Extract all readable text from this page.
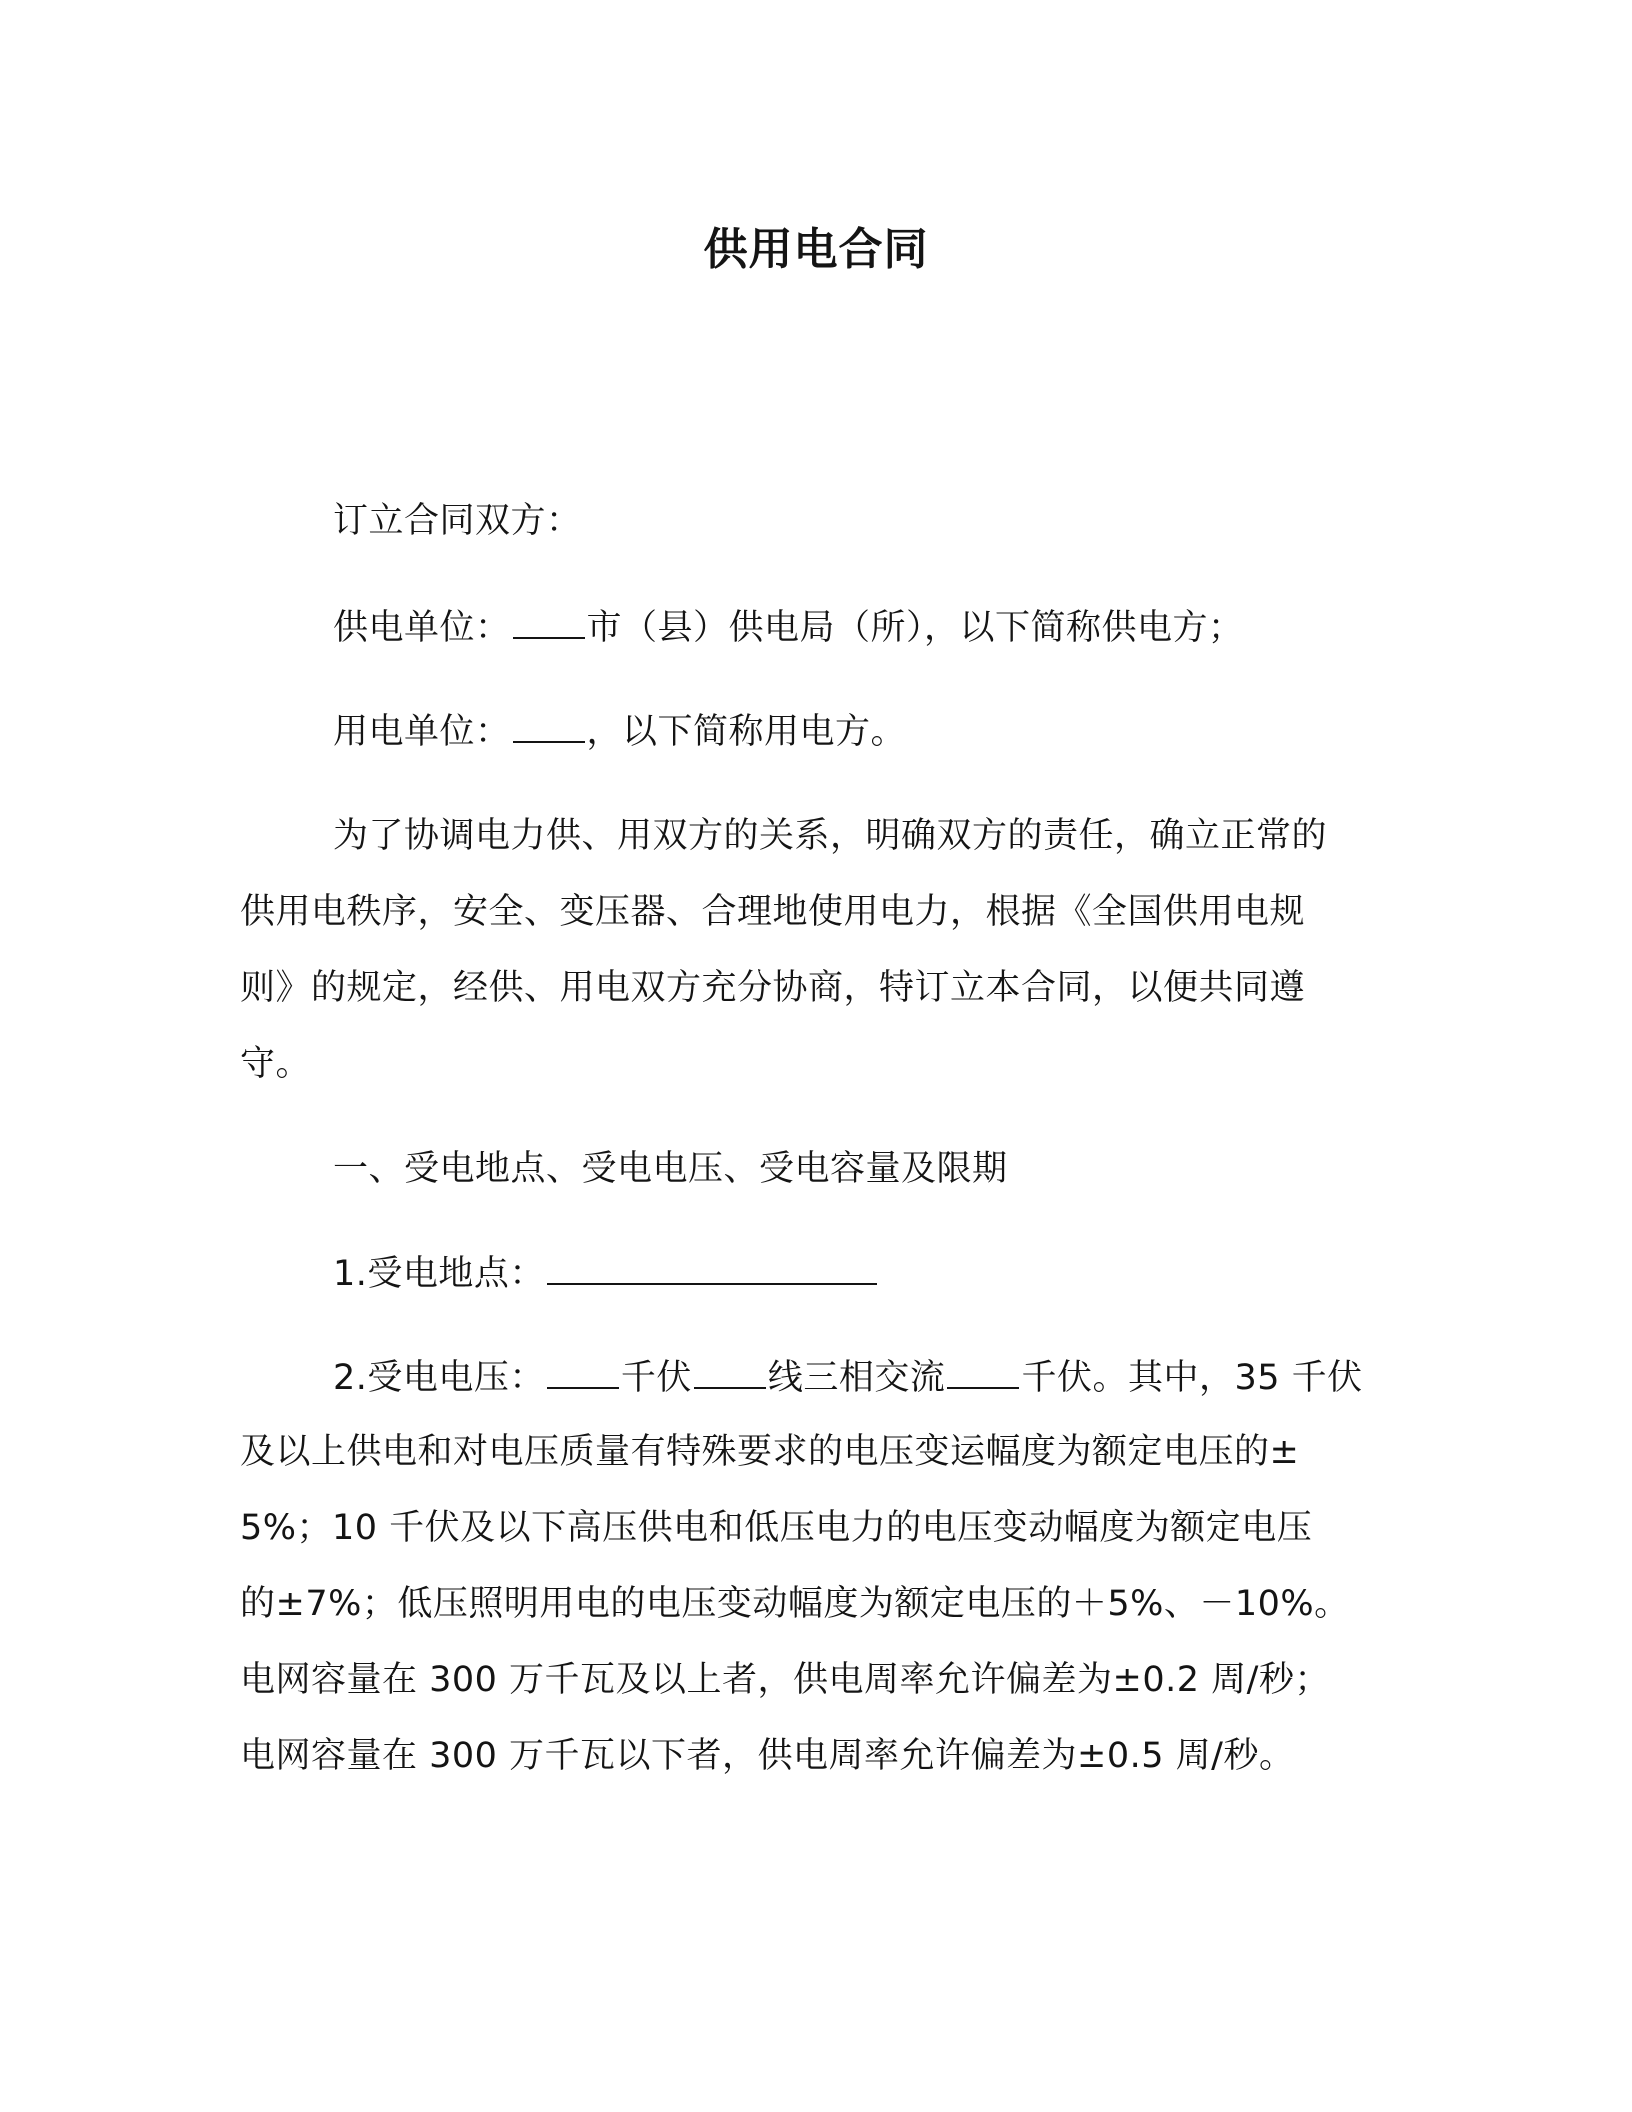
供用电合同
订立合同双方：
供电单位： 市（县）供电局（所），以下简称供电方；
用电单位： ，以下简称用电方。
为了协调电力供、用双方的关系，明确双方的责任，确立正常的
供用电秩序，安全、变压器、合理地使用电力，根据《全国供用电规
则》的规定，经供、用电双方充分协商，特订立本合同，以便共同遵
守。
一、受电地点、受电电压、受电容量及限期
1.受电地点：
2.受电电压： 千伏 线三相交流 千伏。其中，35 千伏
及以上供电和对电压质量有特殊要求的电压变运幅度为额定电压的±
5%；10 千伏及以下高压供电和低压电力的电压变动幅度为额定电压
的±7%；低压照明用电的电压变动幅度为额定电压的＋5%、－10%。
电网容量在 300 万千瓦及以上者，供电周率允许偏差为±0.2 周/秒；
电网容量在 300 万千瓦以下者，供电周率允许偏差为±0.5 周/秒。
